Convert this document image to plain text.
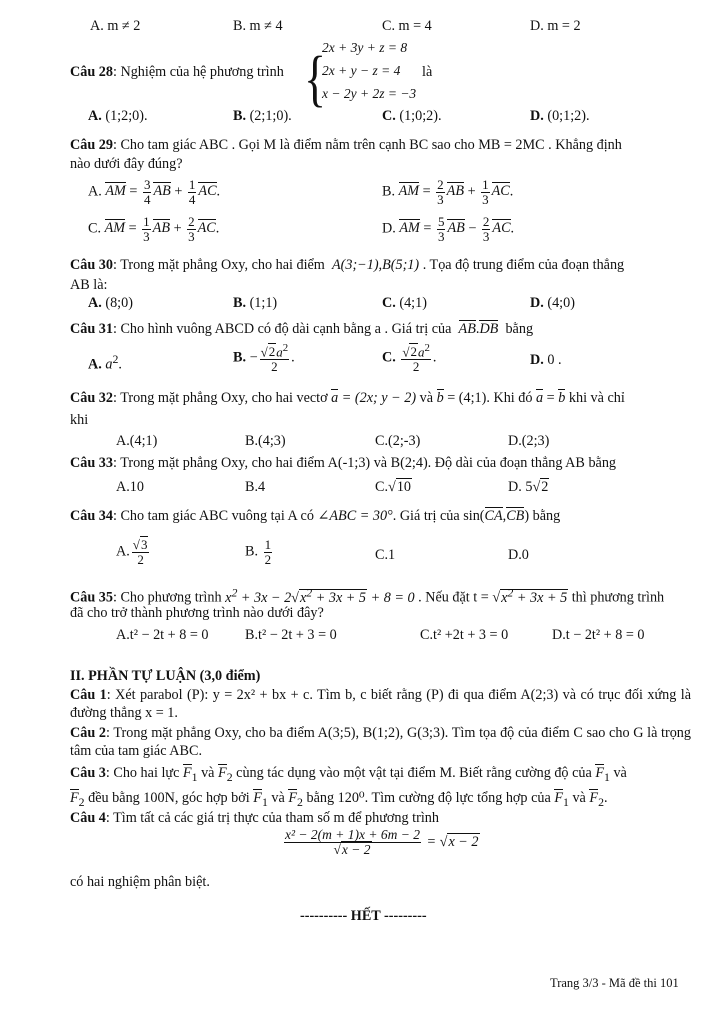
A. m ≠ 2	B. m ≠ 4	C. m = 4	D. m = 2
Câu 28: Nghiệm của hệ phương trình {
2x + 3y + z = 8
2x + y − z = 4
x − 2y + 2z = −3
là
A. (1;2;0).	B. (2;1;0).	C. (1;0;2).	D. (0;1;2).
Câu 29: Cho tam giác ABC . Gọi M là điểm nằm trên cạnh BC sao cho MB = 2MC . Khẳng định
nào dưới đây đúng?
A. AM = $\frac{3}{4}$ AB + $\frac{1}{4}$ AC.	B. AM = $\frac{2}{3}$ AB + $\frac{1}{3}$ AC.
C. AM = $\frac{1}{3}$ AB + $\frac{2}{3}$ AC.	D. AM = $\frac{5}{3}$ AB − $\frac{2}{3}$ AC.
Câu 30: Trong mặt phẳng Oxy, cho hai điểm A(3;−1),B(5;1) . Tọa độ trung điểm của đoạn thẳng
AB là:
A. (8;0)	B. (1;1)	C. (4;1)	D. (4;0)
Câu 31: Cho hình vuông ABCD có độ dài cạnh bằng a . Giá trị của AB.DB bằng
A. $a^2$.	B. − $\frac{√2a^2}{2}$ .	C. $\frac{√2a^2}{2}$ .	D. 0 .
Câu 32: Trong mặt phẳng Oxy, cho hai vectơ a = (2x; y − 2) và b = (4;1). Khi đó a = b khi và chỉ
khi
A.(4;1)	B.(4;3)	C.(2;-3)	D.(2;3)
Câu 33: Trong mặt phẳng Oxy, cho hai điểm A(-1;3) và B(2;4). Độ dài của đoạn thẳng AB bằng
A.10	B.4	C.√10	D. 5√2
Câu 34: Cho tam giác ABC vuông tại A có ∠ABC = 30°. Giá trị của sin(CA,CB) bằng
A. $\frac{√3}{2}$	B. $\frac{1}{2}$	C.1	D.0
Câu 35: Cho phương trình $x^2 + 3x - 2√x^2 + 3x + 5 + 8 = 0$ . Nếu đặt $t = √x^2 + 3x + 5$ thì phương trình
đã cho trở thành phương trình nào dưới đây?
A.t² − 2t + 8 = 0	B.t² − 2t + 3 = 0	C.t² +2t + 3 = 0	D.t − 2t² + 8 = 0
II. PHẦN TỰ LUẬN (3,0 điểm)
Câu 1: Xét parabol (P): y = 2x² + bx + c. Tìm b, c biết rằng (P) đi qua điểm A(2;3) và có trục đối xứng là đường thẳng x = 1.
Câu 2: Trong mặt phẳng Oxy, cho ba điểm A(3;5), B(1;2), G(3;3). Tìm tọa độ của điểm C sao cho G là trọng tâm của tam giác ABC.
Câu 3: Cho hai lực $F_1$ và $F_2$ cùng tác dụng vào một vật tại điểm M. Biết rằng cường độ của $F_1$ và
$F_2$ đều bằng 100N, góc hợp bởi $F_1$ và $F_2$ bằng 120⁰. Tìm cường độ lực tổng hợp của $F_1$ và $F_2$.
Câu 4: Tìm tất cả các giá trị thực của tham số m để phương trình
$\frac{\text{x² − 2(m + 1)x + 6m − 2}}{√x - 2} = √x - 2$
có hai nghiệm phân biệt.
---------- HẾT ---------
Trang 3/3 - Mã đề thi 101
